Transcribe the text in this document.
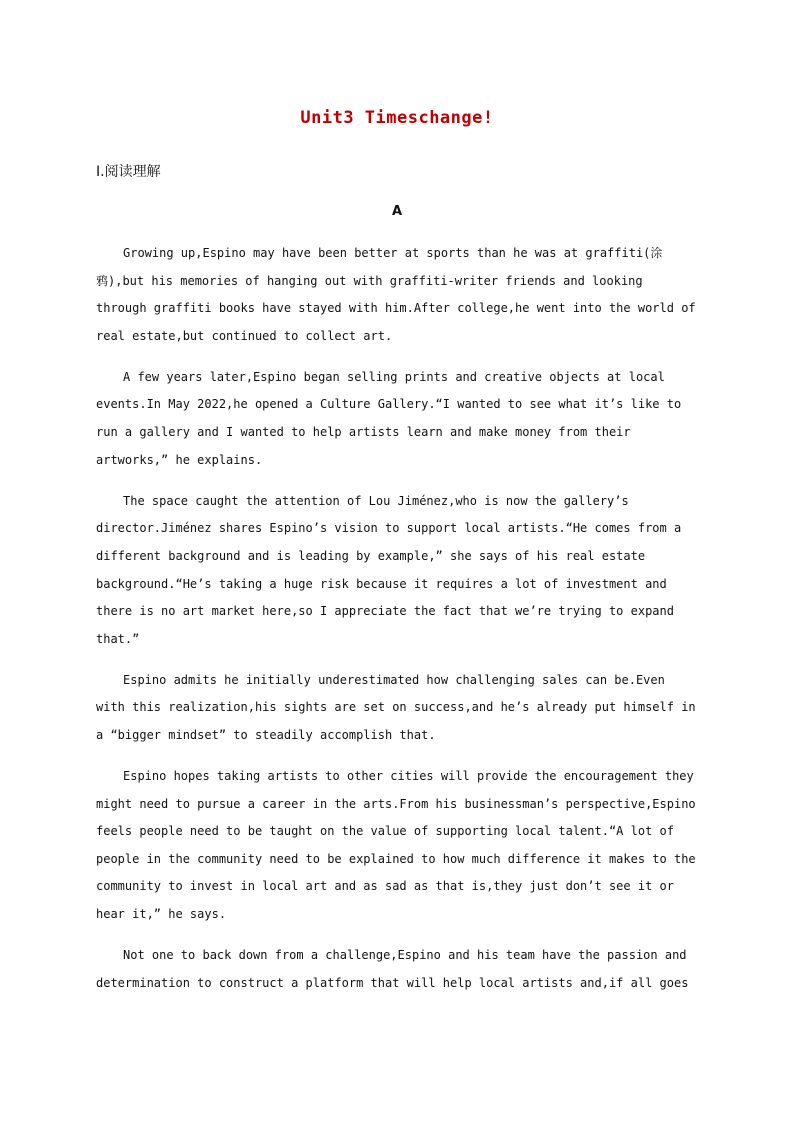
Unit3 Timeschange!
Ⅰ.阅读理解
A

Growing up,Espino may have been better at sports than he was at graffiti(涂鸦),but his memories of hanging out with graffiti-writer friends and looking through graffiti books have stayed with him.After college,he went into the world of real estate,but continued to collect art.

A few years later,Espino began selling prints and creative objects at local events.In May 2022,he opened a Culture Gallery.“I wanted to see what it’s like to run a gallery and I wanted to help artists learn and make money from their artworks,” he explains.

The space caught the attention of Lou Jiménez,who is now the gallery’s director.Jiménez shares Espino’s vision to support local artists.“He comes from a different background and is leading by example,” she says of his real estate background.“He’s taking a huge risk because it requires a lot of investment and there is no art market here,so I appreciate the fact that we’re trying to expand that.”

Espino admits he initially underestimated how challenging sales can be.Even with this realization,his sights are set on success,and he’s already put himself in a “bigger mindset” to steadily accomplish that.

Espino hopes taking artists to other cities will provide the encouragement they might need to pursue a career in the arts.From his businessman’s perspective,Espino feels people need to be taught on the value of supporting local talent.“A lot of people in the community need to be explained to how much difference it makes to the community to invest in local art and as sad as that is,they just don’t see it or hear it,” he says.

Not one to back down from a challenge,Espino and his team have the passion and determination to construct a platform that will help local artists and,if all goes
